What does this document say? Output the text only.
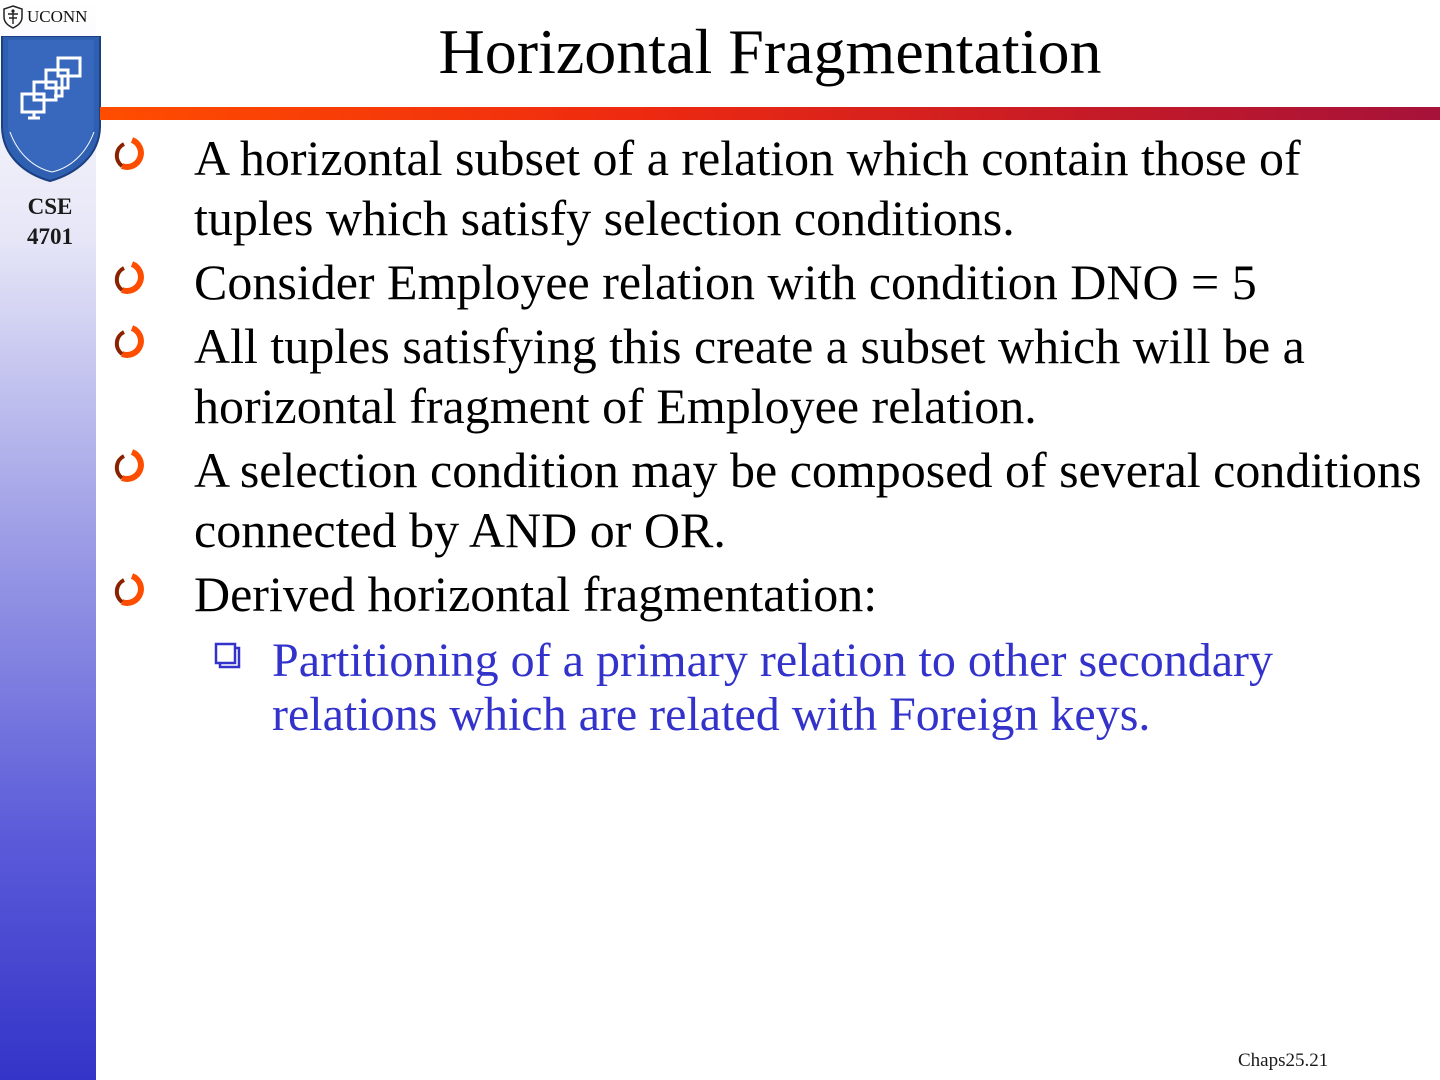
UCONN
CSE
4701
Horizontal Fragmentation
A horizontal subset of a relation which contain those of tuples which satisfy selection conditions.
Consider Employee relation with condition DNO = 5
All tuples satisfying this create a subset which will be a horizontal fragment of Employee relation.
A selection condition may be composed of several conditions connected by AND or OR.
Derived horizontal fragmentation:
Partitioning of a primary relation to other secondary relations which are related with Foreign keys.
Chaps25.21
